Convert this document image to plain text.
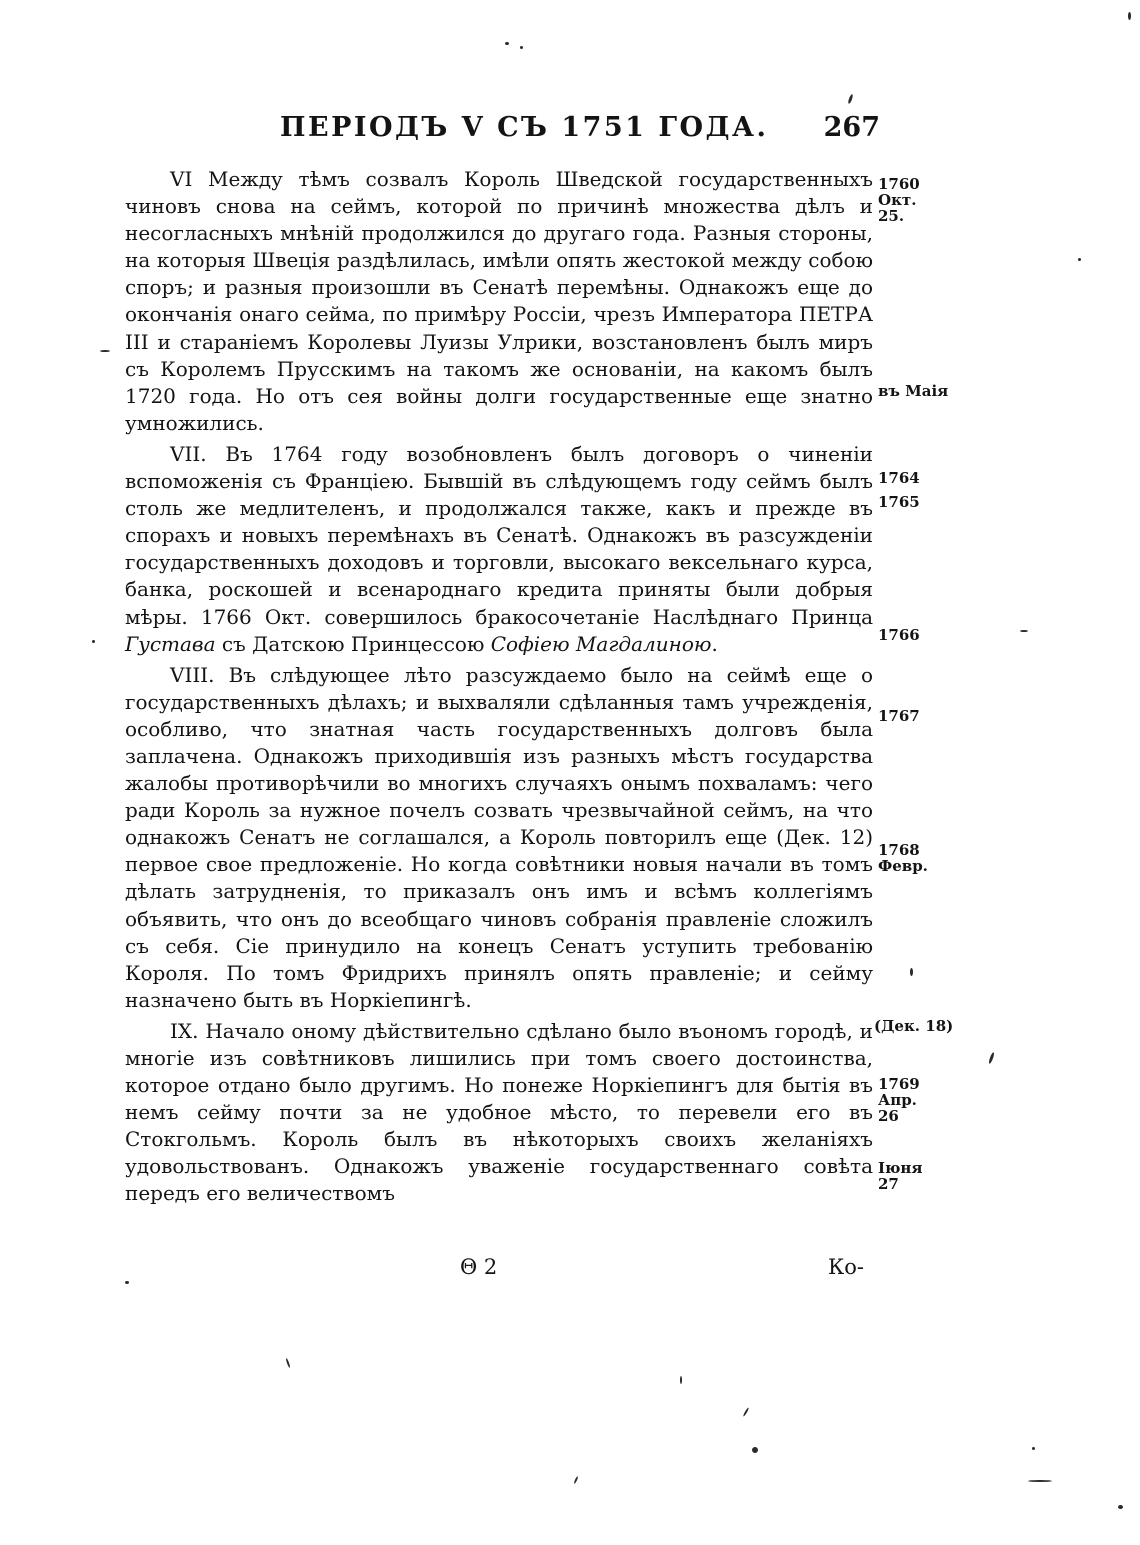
ПЕРІОДЪ V СЪ 1751 ГОДА. 267

VI Между тѣмъ созвалъ Король Шведской государственныхъ чиновъ снова на сеймъ, которой по причинѣ множества дѣлъ и несогласныхъ мнѣній продолжился до другаго года. Разныя стороны, на которыя Швеція раздѣлилась, имѣли опять жестокой между собою споръ; и разныя произошли въ Сенатѣ перемѣны. Однакожъ еще до окончанія онаго сейма, по примѣру Россіи, чрезъ Императора ПЕТРА III и стараніемъ Королевы Луизы Улрики, возстановленъ былъ миръ съ Королемъ Прусскимъ на такомъ же основаніи, на какомъ былъ 1720 года. Но отъ сея войны долги государственные еще знатно умножились.

VII. Въ 1764 году возобновленъ былъ договоръ о чиненіи вспоможенія съ Франціею. Бывшій въ слѣдующемъ году сеймъ былъ столь же медлителенъ, и продолжался также, какъ и прежде въ спорахъ и новыхъ перемѣнахъ въ Сенатѣ. Однакожъ въ разсужденіи государственныхъ доходовъ и торговли, высокаго вексельнаго курса, банка, роскошей и всенароднаго кредита приняты были добрыя мѣры. 1766 Окт. совершилось бракосочетаніе Наслѣднаго Принца Густава съ Датскою Принцессою Софіею Магдалиною.

VIII. Въ слѣдующее лѣто разсуждаемо было на сеймѣ еще о государственныхъ дѣлахъ; и выхваляли сдѣланныя тамъ учрежденія, особливо, что знатная часть государственныхъ долговъ была заплачена. Однакожъ приходившія изъ разныхъ мѣстъ государства жалобы противорѣчили во многихъ случаяхъ онымъ похваламъ: чего ради Король за нужное почелъ созвать чрезвычайной сеймъ, на что однакожъ Сенатъ не соглашался, а Король повторилъ еще (Дек. 12) первое свое предложеніе. Но когда совѣтники новыя начали въ томъ дѣлать затрудненія, то приказалъ онъ имъ и всѣмъ коллегіямъ объявить, что онъ до всеобщаго чиновъ собранія правленіе сложилъ съ себя. Сіе принудило на конецъ Сенатъ уступить требованію Короля. По томъ Фридрихъ принялъ опять правленіе; и сейму назначено быть въ Норкіепингѣ.

IX. Начало оному дѣйствительно сдѣлано было въономъ городѣ, и многіе изъ совѣтниковъ лишились при томъ своего достоинства, которое отдано было другимъ. Но понеже Норкіепингъ для бытія въ немъ сейму почти за не удобное мѣсто, то перевели его въ Стокгольмъ. Король былъ въ нѣкоторыхъ своихъ желаніяхъ удовольствованъ. Однакожъ уваженіе государственнаго совѣта передъ его величествомъ

1760
Окт.
25.
въ Маія
1764
1765
1766
1767
1768
Февр.
(Дек. 18)
1769
Апр.
26
Іюня
27
Θ 2	Ко-
